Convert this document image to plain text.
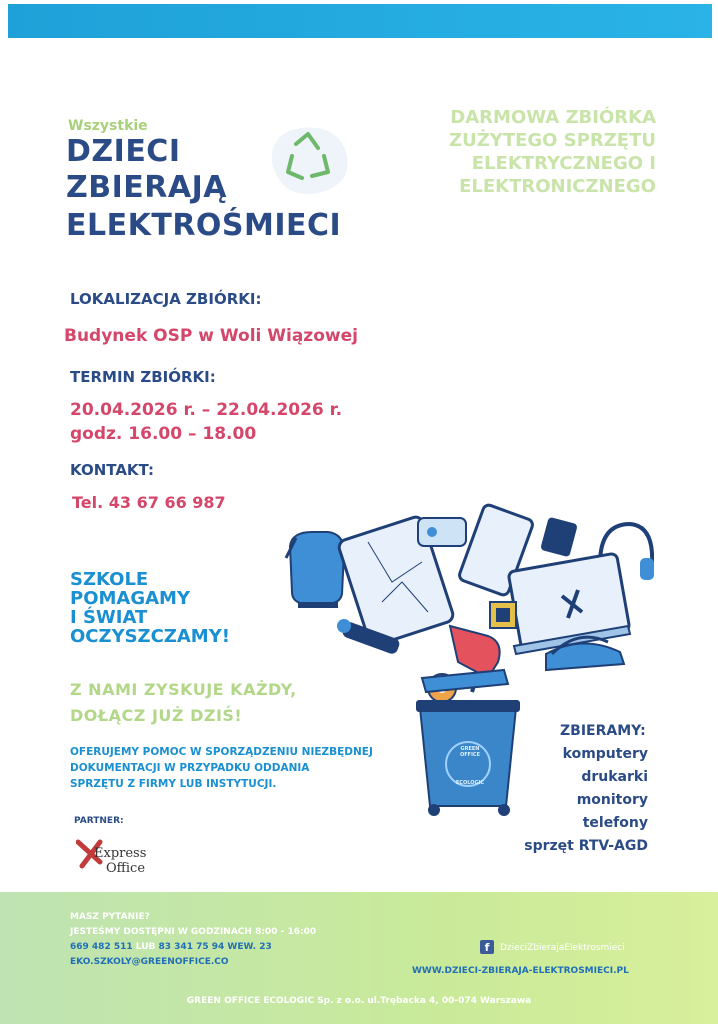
Wszystkie
DZIECI
ZBIERAJĄ
ELEKTROŚMIECI
DARMOWA ZBIÓRKA
ZUŻYTEGO SPRZĘTU
ELEKTRYCZNEGO I
ELEKTRONICZNEGO
LOKALIZACJA ZBIÓRKI:
Budynek OSP w Woli Wiązowej
TERMIN ZBIÓRKI:
20.04.2026 r. – 22.04.2026 r.
godz. 16.00 – 18.00
KONTAKT:
Tel. 43 67 66 987
SZKOLE
POMAGAMY
I ŚWIAT
OCZYSZCZAMY!
Z NAMI ZYSKUJE KAŻDY,
DOŁĄCZ JUŻ DZIŚ!
OFERUJEMY POMOC W SPORZĄDZENIU NIEZBĘDNEJ
DOKUMENTACJI W PRZYPADKU ODDANIA
SPRZĘTU Z FIRMY LUB INSTYTUCJI.
GREEN OFFICE
ECOLOGIC
ZBIERAMY:
komputery
drukarki
monitory
telefony
sprzęt RTV-AGD
PARTNER:
Express
Office
MASZ PYTANIE?
JESTEŚMY DOSTĘPNI W GODZINACH 8:00 - 16:00
669 482 511 LUB 83 341 75 94 WEW. 23
EKO.SZKOLY@GREENOFFICE.CO
f	DzieciZbierajaElektrosmieci
WWW.DZIECI-ZBIERAJA-ELEKTROSMIECI.PL
GREEN OFFICE ECOLOGIC Sp. z o.o. ul.Trębacka 4, 00-074 Warszawa
